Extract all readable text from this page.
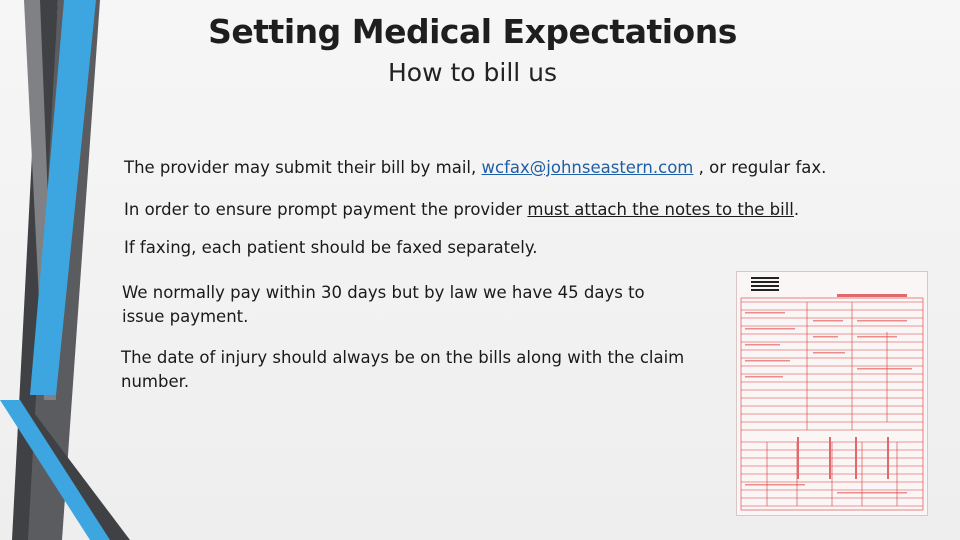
Setting Medical Expectations
How to bill us
The provider may submit their bill by mail, wcfax@johnseastern.com , or regular fax.
In order to ensure prompt payment the provider must attach the notes to the bill.
If faxing, each patient should be faxed separately.
We normally pay within 30 days but by law we have 45 days to issue payment.
The date of injury should always be on the bills along with the claim number.
